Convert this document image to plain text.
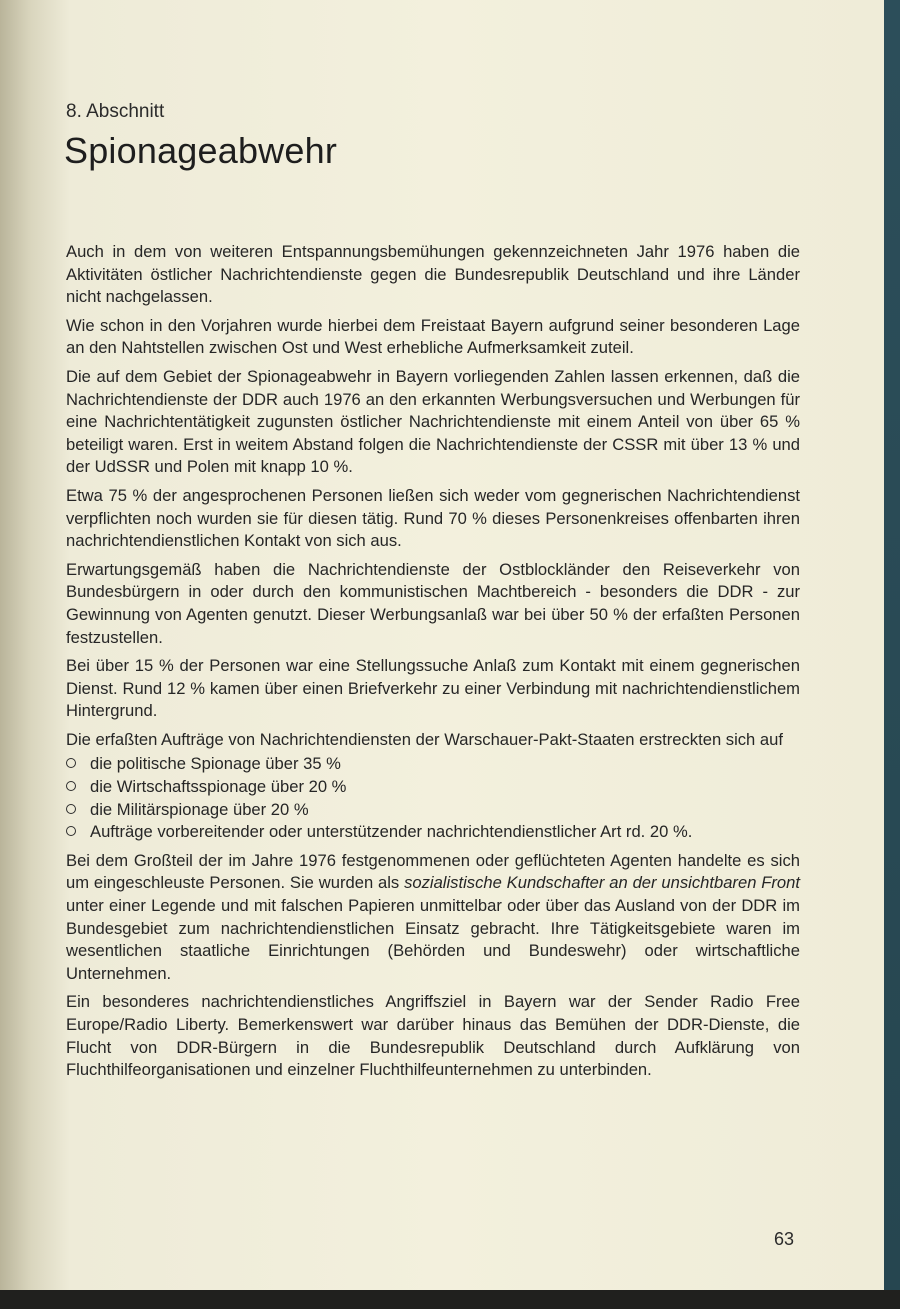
8. Abschnitt
Spionageabwehr

Auch in dem von weiteren Entspannungsbemühungen gekennzeichneten Jahr 1976 haben die Aktivitäten östlicher Nachrichtendienste gegen die Bundesrepublik Deutschland und ihre Länder nicht nachgelassen.

Wie schon in den Vorjahren wurde hierbei dem Freistaat Bayern aufgrund seiner besonderen Lage an den Nahtstellen zwischen Ost und West erhebliche Aufmerksamkeit zuteil.

Die auf dem Gebiet der Spionageabwehr in Bayern vorliegenden Zahlen lassen erkennen, daß die Nachrichtendienste der DDR auch 1976 an den erkannten Werbungsversuchen und Werbungen für eine Nachrichtentätigkeit zugunsten östlicher Nachrichtendienste mit einem Anteil von über 65 % beteiligt waren. Erst in weitem Abstand folgen die Nachrichtendienste der CSSR mit über 13 % und der UdSSR und Polen mit knapp 10 %.

Etwa 75 % der angesprochenen Personen ließen sich weder vom gegnerischen Nachrichtendienst verpflichten noch wurden sie für diesen tätig. Rund 70 % dieses Personenkreises offenbarten ihren nachrichtendienstlichen Kontakt von sich aus.

Erwartungsgemäß haben die Nachrichtendienste der Ostblockländer den Reiseverkehr von Bundesbürgern in oder durch den kommunistischen Machtbereich - besonders die DDR - zur Gewinnung von Agenten genutzt. Dieser Werbungsanlaß war bei über 50 % der erfaßten Personen festzustellen.

Bei über 15 % der Personen war eine Stellungssuche Anlaß zum Kontakt mit einem gegnerischen Dienst. Rund 12 % kamen über einen Briefverkehr zu einer Verbindung mit nachrichtendienstlichem Hintergrund.

Die erfaßten Aufträge von Nachrichtendiensten der Warschauer-Pakt-Staaten erstreckten sich auf

die politische Spionage über 35 %
die Wirtschaftsspionage über 20 %
die Militärspionage über 20 %
Aufträge vorbereitender oder unterstützender nachrichtendienstlicher Art rd. 20 %.

Bei dem Großteil der im Jahre 1976 festgenommenen oder geflüchteten Agenten handelte es sich um eingeschleuste Personen. Sie wurden als sozialistische Kundschafter an der unsichtbaren Front unter einer Legende und mit falschen Papieren unmittelbar oder über das Ausland von der DDR im Bundesgebiet zum nachrichtendienstlichen Einsatz gebracht. Ihre Tätigkeitsgebiete waren im wesentlichen staatliche Einrichtungen (Behörden und Bundeswehr) oder wirtschaftliche Unternehmen.

Ein besonderes nachrichtendienstliches Angriffsziel in Bayern war der Sender Radio Free Europe/Radio Liberty. Bemerkenswert war darüber hinaus das Bemühen der DDR-Dienste, die Flucht von DDR-Bürgern in die Bundesrepublik Deutschland durch Aufklärung von Fluchthilfeorganisationen und einzelner Fluchthilfeunternehmen zu unterbinden.

63
